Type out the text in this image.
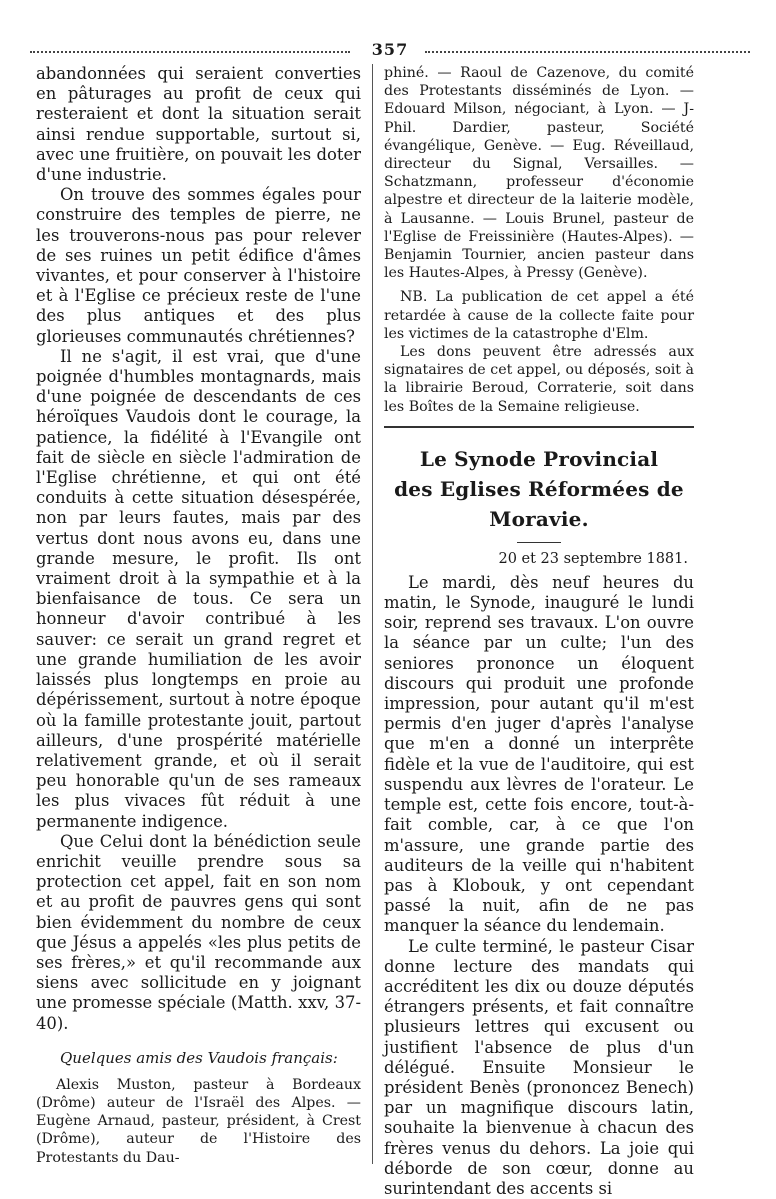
357

abandonnées qui seraient converties en pâturages au profit de ceux qui resteraient et dont la situation serait ainsi rendue supportable, surtout si, avec une fruitière, on pouvait les doter d'une industrie.

On trouve des sommes égales pour construire des temples de pierre, ne les trouverons-nous pas pour relever de ses ruines un petit édifice d'âmes vivantes, et pour conserver à l'histoire et à l'Eglise ce précieux reste de l'une des plus antiques et des plus glorieuses communautés chrétiennes?

Il ne s'agit, il est vrai, que d'une poignée d'humbles montagnards, mais d'une poignée de descendants de ces héroïques Vaudois dont le courage, la patience, la fidélité à l'Evangile ont fait de siècle en siècle l'admiration de l'Eglise chrétienne, et qui ont été conduits à cette situation désespérée, non par leurs fautes, mais par des vertus dont nous avons eu, dans une grande mesure, le profit. Ils ont vraiment droit à la sympathie et à la bienfaisance de tous. Ce sera un honneur d'avoir contribué à les sauver: ce serait un grand regret et une grande humiliation de les avoir laissés plus longtemps en proie au dépérissement, surtout à notre époque où la famille protestante jouit, partout ailleurs, d'une prospérité matérielle relativement grande, et où il serait peu honorable qu'un de ses rameaux les plus vivaces fût réduit à une permanente indigence.

Que Celui dont la bénédiction seule enrichit veuille prendre sous sa protection cet appel, fait en son nom et au profit de pauvres gens qui sont bien évidemment du nombre de ceux que Jésus a appelés «les plus petits de ses frères,» et qu'il recommande aux siens avec sollicitude en y joignant une promesse spéciale (Matth. xxv, 37-40).

Quelques amis des Vaudois français:

Alexis Muston, pasteur à Bordeaux (Drôme) auteur de l'Israël des Alpes. — Eugène Arnaud, pasteur, président, à Crest (Drôme), auteur de l'Histoire des Protestants du Dau-

phiné. — Raoul de Cazenove, du comité des Protestants disséminés de Lyon. — Edouard Milson, négociant, à Lyon. — J-Phil. Dardier, pasteur, Société évangélique, Genève. — Eug. Réveillaud, directeur du Signal, Versailles. — Schatzmann, professeur d'économie alpestre et directeur de la laiterie modèle, à Lausanne. — Louis Brunel, pasteur de l'Eglise de Freissinière (Hautes-Alpes). — Benjamin Tournier, ancien pasteur dans les Hautes-Alpes, à Pressy (Genève).

NB. La publication de cet appel a été retardée à cause de la collecte faite pour les victimes de la catastrophe d'Elm.

Les dons peuvent être adressés aux signataires de cet appel, ou déposés, soit à la librairie Beroud, Corraterie, soit dans les Boîtes de la Semaine religieuse.

Le Synode Provincial

des Eglises Réformées de Moravie.

20 et 23 septembre 1881.

Le mardi, dès neuf heures du matin, le Synode, inauguré le lundi soir, reprend ses travaux. L'on ouvre la séance par un culte; l'un des seniores prononce un éloquent discours qui produit une profonde impression, pour autant qu'il m'est permis d'en juger d'après l'analyse que m'en a donné un interprête fidèle et la vue de l'auditoire, qui est suspendu aux lèvres de l'orateur. Le temple est, cette fois encore, tout-à-fait comble, car, à ce que l'on m'assure, une grande partie des auditeurs de la veille qui n'habitent pas à Klobouk, y ont cependant passé la nuit, afin de ne pas manquer la séance du lendemain.

Le culte terminé, le pasteur Cisar donne lecture des mandats qui accréditent les dix ou douze députés étrangers présents, et fait connaître plusieurs lettres qui excusent ou justifient l'absence de plus d'un délégué. Ensuite Monsieur le président Benès (prononcez Benech) par un magnifique discours latin, souhaite la bienvenue à chacun des frères venus du dehors. La joie qui déborde de son cœur, donne au surintendant des accents si
